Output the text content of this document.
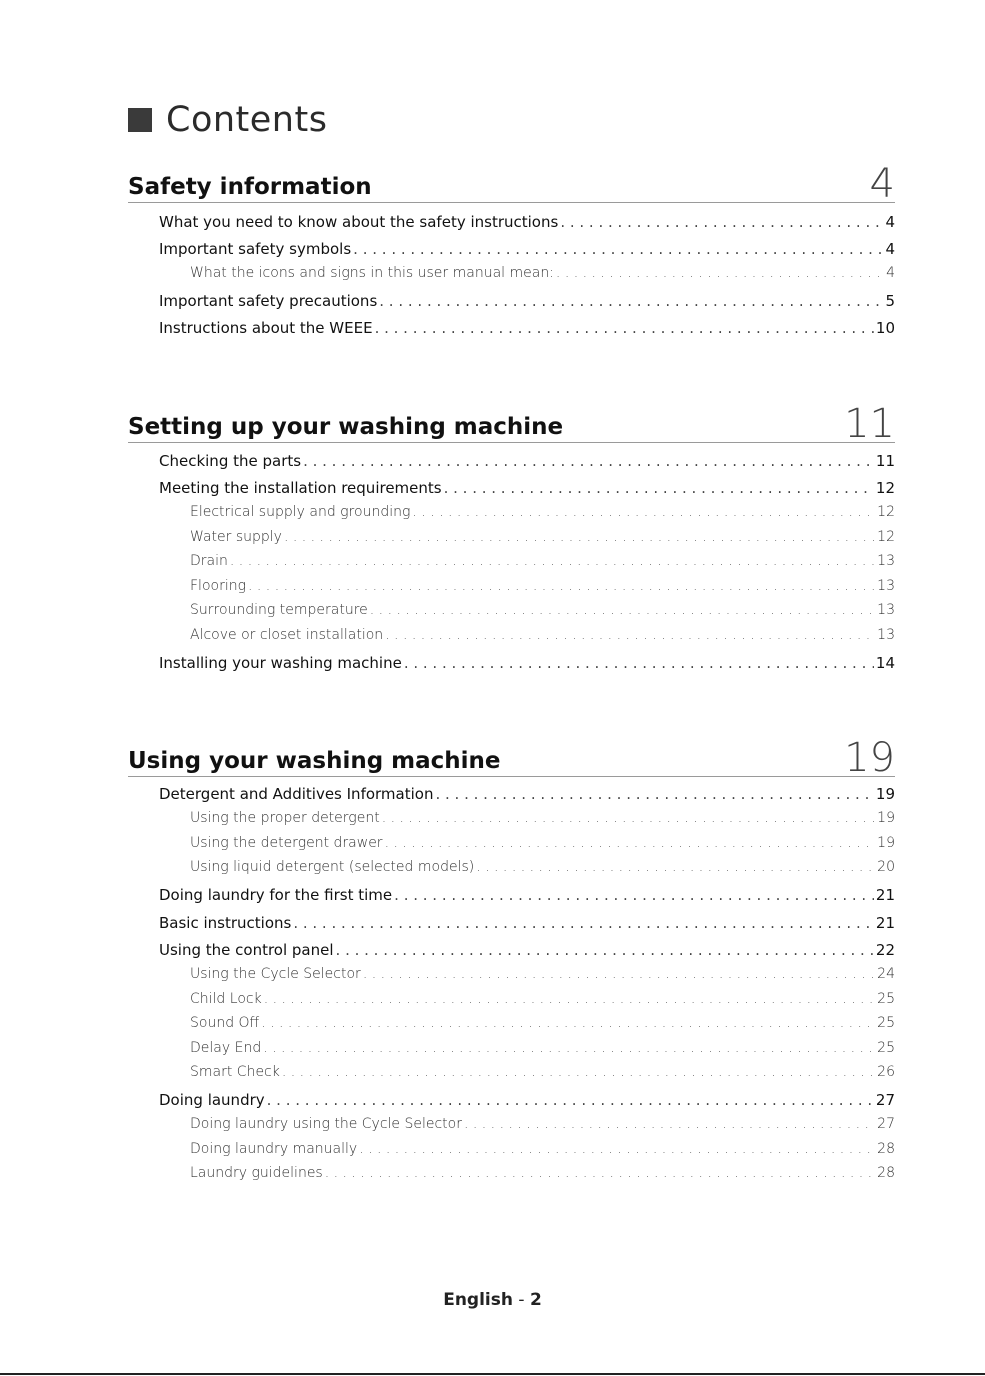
Contents
Safety information	4
What you need to know about the safety instructions . . .	4
Important safety symbols . . .	4
What the icons and signs in this user manual mean: . . .	4
Important safety precautions . . .	5
Instructions about the WEEE . . .	10
Setting up your washing machine	11
Checking the parts . . .	11
Meeting the installation requirements . . .	12
Electrical supply and grounding . . .	12
Water supply . . .	12
Drain . . .	13
Flooring . . .	13
Surrounding temperature . . .	13
Alcove or closet installation . . .	13
Installing your washing machine . . .	14
Using your washing machine	19
Detergent and Additives Information . . .	19
Using the proper detergent . . .	19
Using the detergent drawer . . .	19
Using liquid detergent (selected models) . . .	20
Doing laundry for the first time . . .	21
Basic instructions . . .	21
Using the control panel . . .	22
Using the Cycle Selector . . .	24
Child Lock . . .	25
Sound Off . . .	25
Delay End . . .	25
Smart Check . . .	26
Doing laundry . . .	27
Doing laundry using the Cycle Selector . . .	27
Doing laundry manually . . .	28
Laundry guidelines . . .	28
English - 2
